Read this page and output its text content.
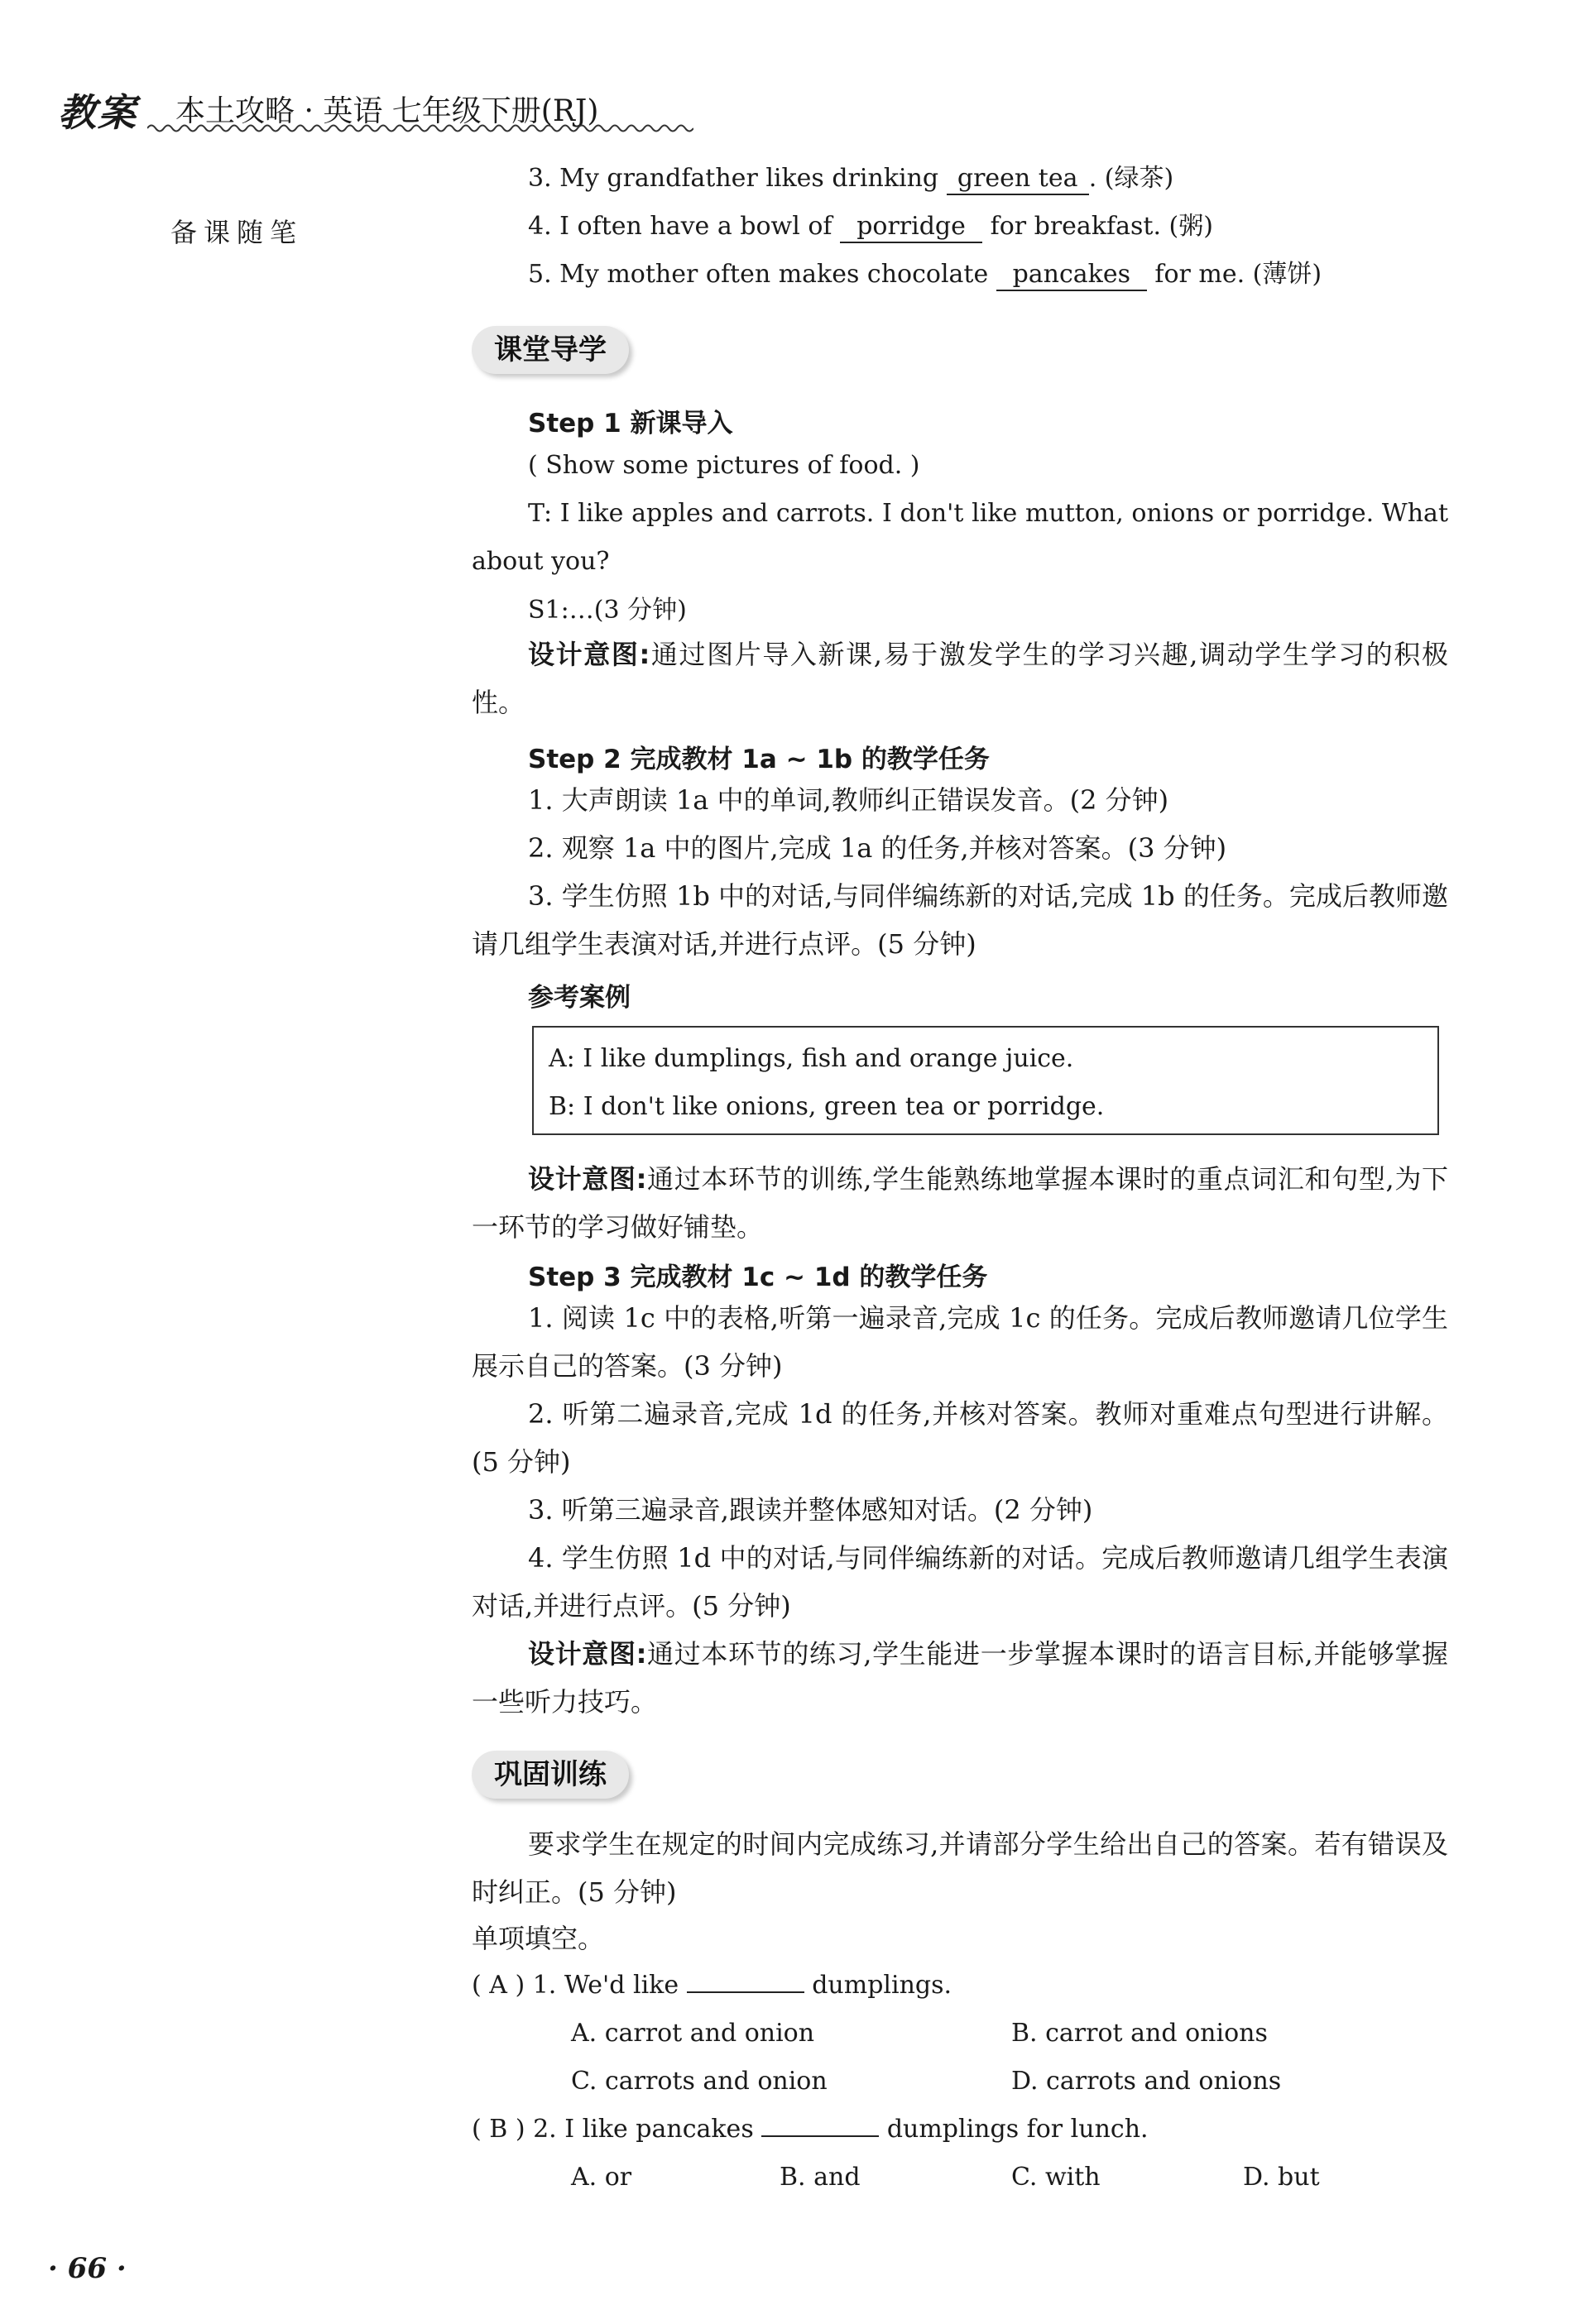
教案 本土攻略 · 英语 七年级下册(RJ)
备课随笔
3. My grandfather likes drinking green tea . (绿茶)
4. I often have a bowl of porridge for breakfast. (粥)
5. My mother often makes chocolate pancakes for me. (薄饼)
课堂导学
Step 1 新课导入
( Show some pictures of food. )
T: I like apples and carrots. I don't like mutton, onions or porridge. What about you?
S1:…(3 分钟)
设计意图:通过图片导入新课,易于激发学生的学习兴趣,调动学生学习的积极性。
Step 2 完成教材 1a ~ 1b 的教学任务
1. 大声朗读 1a 中的单词,教师纠正错误发音。(2 分钟)
2. 观察 1a 中的图片,完成 1a 的任务,并核对答案。(3 分钟)
3. 学生仿照 1b 中的对话,与同伴编练新的对话,完成 1b 的任务。完成后教师邀请几组学生表演对话,并进行点评。(5 分钟)
参考案例
A: I like dumplings, fish and orange juice.
B: I don't like onions, green tea or porridge.
设计意图:通过本环节的训练,学生能熟练地掌握本课时的重点词汇和句型,为下一环节的学习做好铺垫。
Step 3 完成教材 1c ~ 1d 的教学任务
1. 阅读 1c 中的表格,听第一遍录音,完成 1c 的任务。完成后教师邀请几位学生展示自己的答案。(3 分钟)
2. 听第二遍录音,完成 1d 的任务,并核对答案。教师对重难点句型进行讲解。(5 分钟)
3. 听第三遍录音,跟读并整体感知对话。(2 分钟)
4. 学生仿照 1d 中的对话,与同伴编练新的对话。完成后教师邀请几组学生表演对话,并进行点评。(5 分钟)
设计意图:通过本环节的练习,学生能进一步掌握本课时的语言目标,并能够掌握一些听力技巧。
巩固训练
要求学生在规定的时间内完成练习,并请部分学生给出自己的答案。若有错误及时纠正。(5 分钟)
单项填空。
( A ) 1. We'd like	dumplings.
A. carrot and onion	B. carrot and onions
C. carrots and onion	D. carrots and onions
( B ) 2. I like pancakes	dumplings for lunch.
A. or	B. and	C. with	D. but
· 66 ·
